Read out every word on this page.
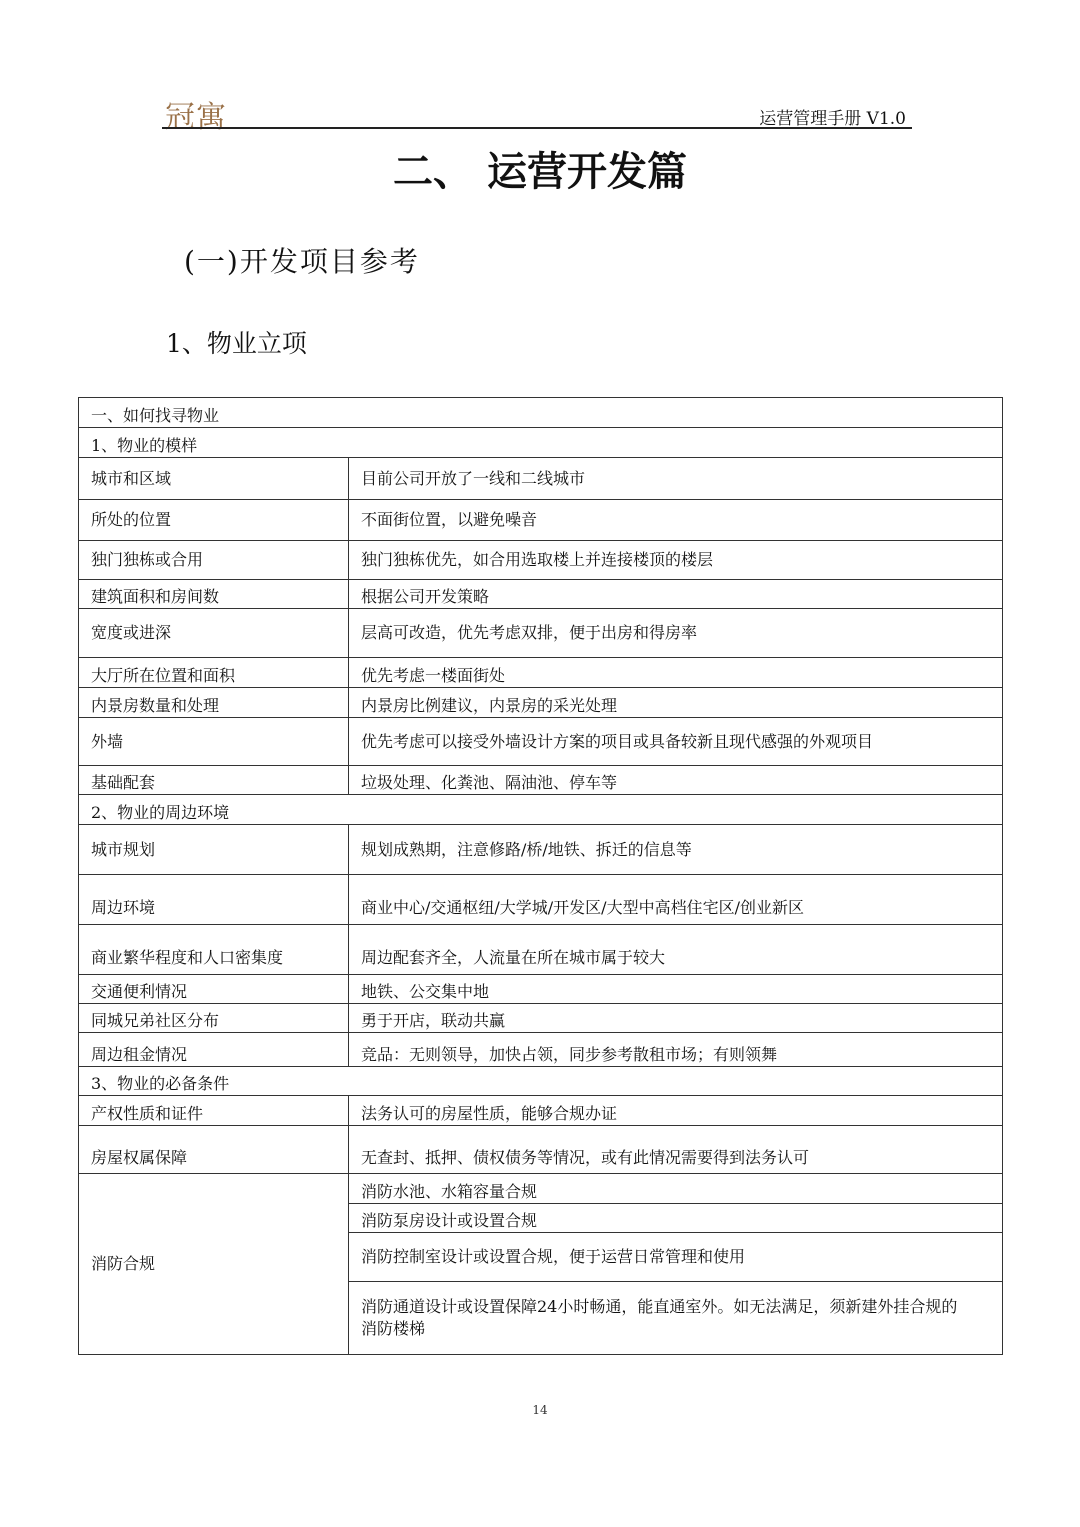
冠寓	运营管理手册 V1.0
二、 运营开发篇
(一)开发项目参考
1、物业立项
一、如何找寻物业	
1、物业的模样	
城市和区域	目前公司开放了一线和二线城市
所处的位置	不面街位置，以避免噪音
独门独栋或合用	独门独栋优先，如合用选取楼上并连接楼顶的楼层
建筑面积和房间数	根据公司开发策略
宽度或进深	层高可改造，优先考虑双排，便于出房和得房率
大厅所在位置和面积	优先考虑一楼面街处
内景房数量和处理	内景房比例建议，内景房的采光处理
外墙	优先考虑可以接受外墙设计方案的项目或具备较新且现代感强的外观项目
基础配套	垃圾处理、化粪池、隔油池、停车等
2、物业的周边环境	
城市规划	规划成熟期，注意修路/桥/地铁、拆迁的信息等
周边环境	商业中心/交通枢纽/大学城/开发区/大型中高档住宅区/创业新区
商业繁华程度和人口密集度	周边配套齐全，人流量在所在城市属于较大
交通便利情况	地铁、公交集中地
同城兄弟社区分布	勇于开店，联动共赢
周边租金情况	竞品：无则领导，加快占领，同步参考散租市场；有则领舞
3、物业的必备条件	
产权性质和证件	法务认可的房屋性质，能够合规办证
房屋权属保障	无查封、抵押、债权债务等情况，或有此情况需要得到法务认可
消防合规	消防水池、水箱容量合规
	消防泵房设计或设置合规
	消防控制室设计或设置合规，便于运营日常管理和使用
	消防通道设计或设置保障24小时畅通，能直通室外。如无法满足，须新建外挂合规的消防楼梯
14
